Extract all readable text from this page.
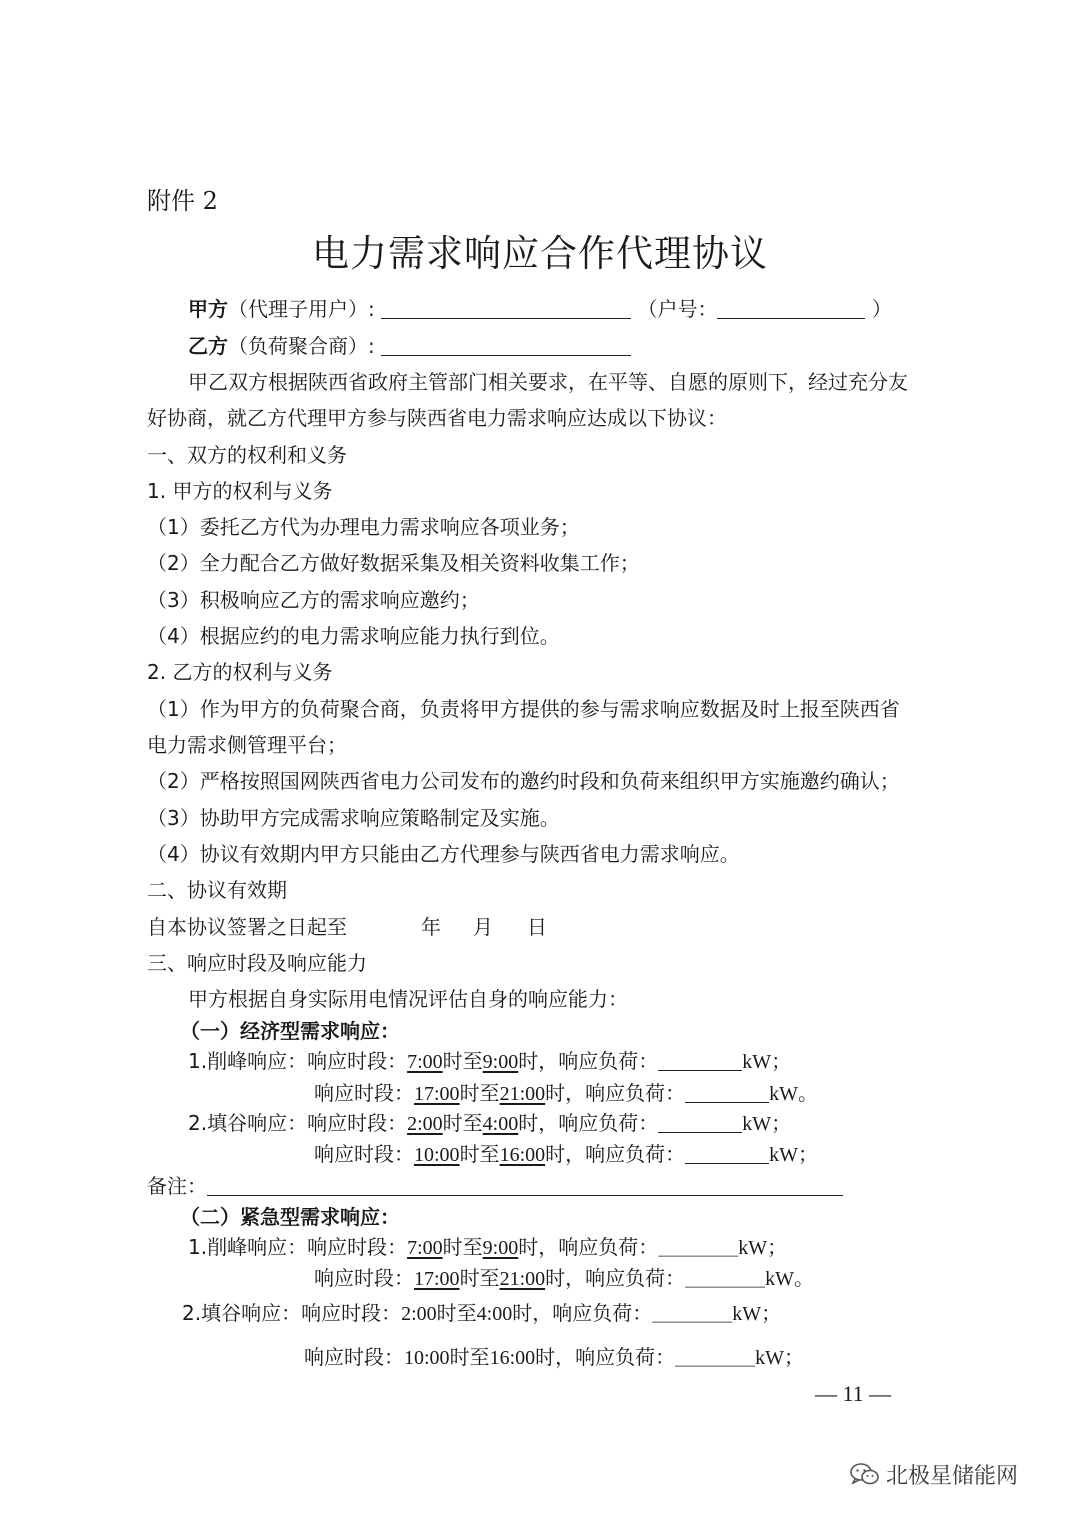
附件 2
电力需求响应合作代理协议
甲方（代理子用户）:	（户号：	）
乙方（负荷聚合商）:
甲乙双方根据陕西省政府主管部门相关要求，在平等、自愿的原则下，经过充分友
好协商，就乙方代理甲方参与陕西省电力需求响应达成以下协议：
一、双方的权利和义务
1. 甲方的权利与义务
（1）委托乙方代为办理电力需求响应各项业务；
（2）全力配合乙方做好数据采集及相关资料收集工作；
（3）积极响应乙方的需求响应邀约；
（4）根据应约的电力需求响应能力执行到位。
2. 乙方的权利与义务
（1）作为甲方的负荷聚合商，负责将甲方提供的参与需求响应数据及时上报至陕西省
电力需求侧管理平台；
（2）严格按照国网陕西省电力公司发布的邀约时段和负荷来组织甲方实施邀约确认；
（3）协助甲方完成需求响应策略制定及实施。
（4）协议有效期内甲方只能由乙方代理参与陕西省电力需求响应。
二、协议有效期
自本协议签署之日起至	年 月 日
三、响应时段及响应能力
甲方根据自身实际用电情况评估自身的响应能力：
（一）经济型需求响应：
1.削峰响应：响应时段：7:00时至9:00时，响应负荷：	kW；
响应时段：17:00时至21:00时，响应负荷：	kW。
2.填谷响应：响应时段：2:00时至4:00时，响应负荷：	kW；
响应时段：10:00时至16:00时，响应负荷：	kW；
备注：
（二）紧急型需求响应：
1.削峰响应：响应时段：7:00时至9:00时，响应负荷：＿＿＿＿kW；
响应时段：17:00时至21:00时，响应负荷：＿＿＿＿kW。
2.填谷响应：响应时段：2:00时至4:00时，响应负荷：＿＿＿＿kW；
响应时段：10:00时至16:00时，响应负荷：＿＿＿＿kW；
— 11 —
北极星储能网
